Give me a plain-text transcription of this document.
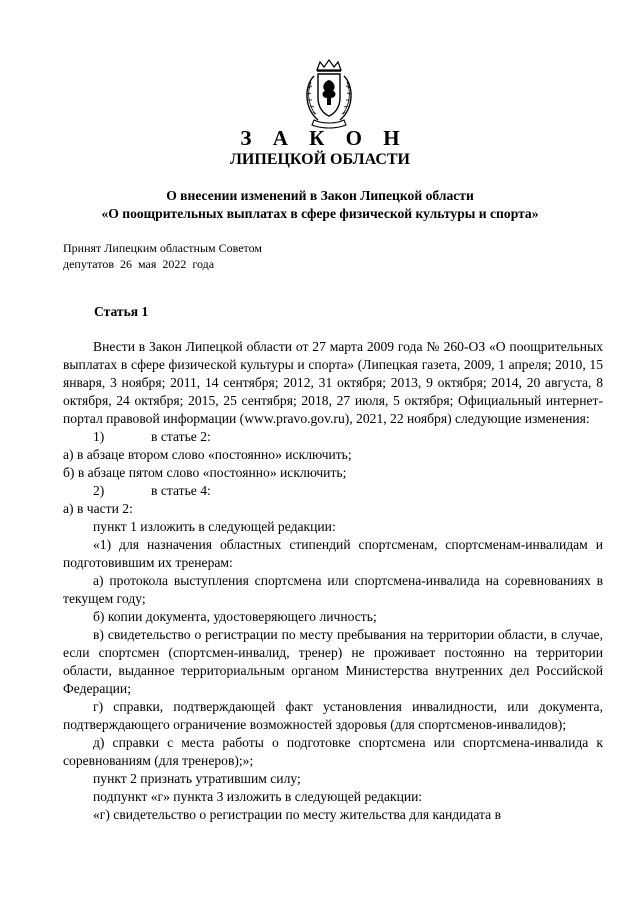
З А К О Н
ЛИПЕЦКОЙ ОБЛАСТИ
О внесении изменений в Закон Липецкой области
«О поощрительных выплатах в сфере физической культуры и спорта»
Принят Липецким областным Советом
депутатов  26  мая  2022  года
Статья 1

Внести в Закон Липецкой области от 27 марта 2009 года № 260-ОЗ «О поощрительных выплатах в сфере физической культуры и спорта» (Липецкая газета, 2009, 1 апреля; 2010, 15 января, 3 ноября; 2011, 14 сентября; 2012, 31 октября; 2013, 9 октября; 2014, 20 августа, 8 октября, 24 октября; 2015, 25 сентября; 2018, 27 июля, 5 октября; Официальный интернет-портал правовой информации (www.pravo.gov.ru), 2021, 22 ноября) следующие изменения:

1)	в статье 2:

а) в абзаце втором слово «постоянно» исключить;

б) в абзаце пятом слово «постоянно» исключить;

2)	в статье 4:

а) в части 2:

пункт 1 изложить в следующей редакции:

«1) для назначения областных стипендий спортсменам, спортсменам-инвалидам и подготовившим их тренерам:

а) протокола выступления спортсмена или спортсмена-инвалида на соревнованиях в текущем году;

б) копии документа, удостоверяющего личность;

в) свидетельство о регистрации по месту пребывания на территории области, в случае, если спортсмен (спортсмен-инвалид, тренер) не проживает постоянно на территории области, выданное территориальным органом Министерства внутренних дел Российской Федерации;

г) справки, подтверждающей факт установления инвалидности, или документа, подтверждающего ограничение возможностей здоровья (для спортсменов-инвалидов);

д) справки с места работы о подготовке спортсмена или спортсмена-инвалида к соревнованиям (для тренеров);»;

пункт 2 признать утратившим силу;

подпункт «г» пункта 3 изложить в следующей редакции:

«г) свидетельство о регистрации по месту жительства для кандидата в
